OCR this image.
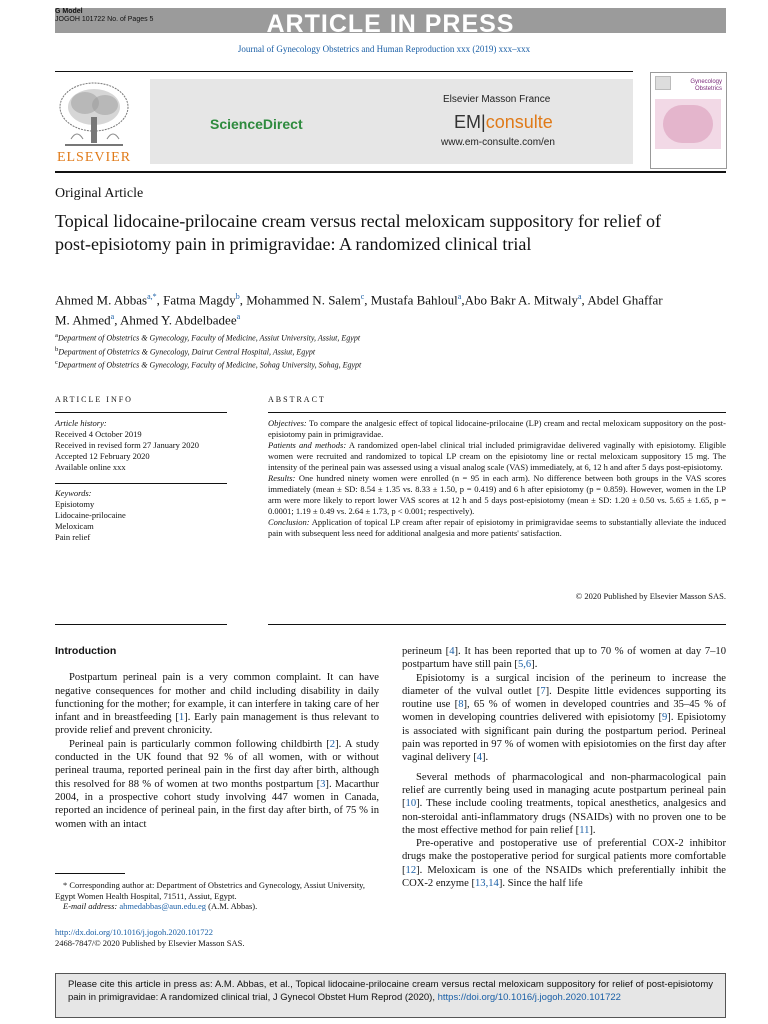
ARTICLE IN PRESS
G Model
JOGOH 101722 No. of Pages 5
Journal of Gynecology Obstetrics and Human Reproduction xxx (2019) xxx–xxx
ELSEVIER
ScienceDirect
Elsevier Masson France
EM|consulte
www.em-consulte.com/en
Gynecology Obstetrics
Original Article
Topical lidocaine-prilocaine cream versus rectal meloxicam suppository for relief of post-episiotomy pain in primigravidae: A randomized clinical trial
Ahmed M. Abbas$^{a,*}$, Fatma Magdy$^b$, Mohammed N. Salem$^c$, Mustafa Bahloul$^a$,Abo Bakr A. Mitwaly$^a$, Abdel Ghaffar M. Ahmed$^a$, Ahmed Y. Abdelbadee$^a$
$^a$Department of Obstetrics & Gynecology, Faculty of Medicine, Assiut University, Assiut, Egypt
$^b$Department of Obstetrics & Gynecology, Dairut Central Hospital, Assiut, Egypt
$^c$Department of Obstetrics & Gynecology, Faculty of Medicine, Sohag University, Sohag, Egypt
ARTICLE INFO
Article history:
Received 4 October 2019
Received in revised form 27 January 2020
Accepted 12 February 2020
Available online xxx
Keywords:
Episiotomy
Lidocaine-prilocaine
Meloxicam
Pain relief
ABSTRACT
Objectives: To compare the analgesic effect of topical lidocaine-prilocaine (LP) cream and rectal meloxicam suppository on the post-episiotomy pain in primigravidae.
Patients and methods: A randomized open-label clinical trial included primigravidae delivered vaginally with episiotomy. Eligible women were recruited and randomized to topical LP cream on the episiotomy line or rectal meloxicam suppository 15 mg. The intensity of the perineal pain was assessed using a visual analog scale (VAS) immediately, at 6, 12 h and after 5 days post-episiotomy.
Results: One hundred ninety women were enrolled (n = 95 in each arm). No difference between both groups in the VAS scores immediately (mean ± SD: 8.54 ± 1.35 vs. 8.33 ± 1.50, p = 0.419) and 6 h after episiotomy (p = 0.859). However, women in the LP arm were more likely to report lower VAS scores at 12 h and 5 days post-episiotomy (mean ± SD: 1.20 ± 0.50 vs. 5.65 ± 1.65, p = 0.0001; 1.19 ± 0.49 vs. 2.64 ± 1.73, p < 0.001; respectively).
Conclusion: Application of topical LP cream after repair of episiotomy in primigravidae seems to substantially alleviate the induced pain with subsequent less need for additional analgesia and more patients' satisfaction.
© 2020 Published by Elsevier Masson SAS.
Introduction

Postpartum perineal pain is a very common complaint. It can have negative consequences for mother and child including disability in daily functioning for the mother; for example, it can interfere in taking care of her infant and in breastfeeding [1]. Early pain management is thus relevant to provide relief and prevent chronicity.

Perineal pain is particularly common following childbirth [2]. A study conducted in the UK found that 92 % of all women, with or without perineal trauma, reported perineal pain in the first day after birth, although this resolved for 88 % of women at two months postpartum [3]. Macarthur 2004, in a prospective cohort study involving 447 women in Canada, reported an incidence of perineal pain, in the first day after birth, of 75 % in women with an intact

perineum [4]. It has been reported that up to 70 % of women at day 7–10 postpartum have still pain [5,6].

Episiotomy is a surgical incision of the perineum to increase the diameter of the vulval outlet [7]. Despite little evidences supporting its routine use [8], 65 % of women in developed countries and 35–45 % of women in developing countries delivered with episiotomy [9]. Episiotomy is associated with significant pain during the postpartum period. Perineal pain was reported in 97 % of women with episiotomies on the first day after vaginal delivery [4].

Several methods of pharmacological and non-pharmacological pain relief are currently being used in managing acute postpartum perineal pain [10]. These include cooling treatments, topical anesthetics, analgesics and non-steroidal anti-inflammatory drugs (NSAIDs) with no proven one to be the most effective method for pain relief [11].

Pre-operative and postoperative use of preferential COX-2 inhibitor drugs make the postoperative period for surgical patients more comfortable [12]. Meloxicam is one of the NSAIDs which preferentially inhibit the COX-2 enzyme [13,14]. Since the half life

* Corresponding author at: Department of Obstetrics and Gynecology, Assiut University, Egypt Women Health Hospital, 71511, Assiut, Egypt.
E-mail address: ahmedabbas@aun.edu.eg (A.M. Abbas).
http://dx.doi.org/10.1016/j.jogoh.2020.101722
2468-7847/© 2020 Published by Elsevier Masson SAS.
Please cite this article in press as: A.M. Abbas, et al., Topical lidocaine-prilocaine cream versus rectal meloxicam suppository for relief of post-episiotomy pain in primigravidae: A randomized clinical trial, J Gynecol Obstet Hum Reprod (2020), https://doi.org/10.1016/j.jogoh.2020.101722
